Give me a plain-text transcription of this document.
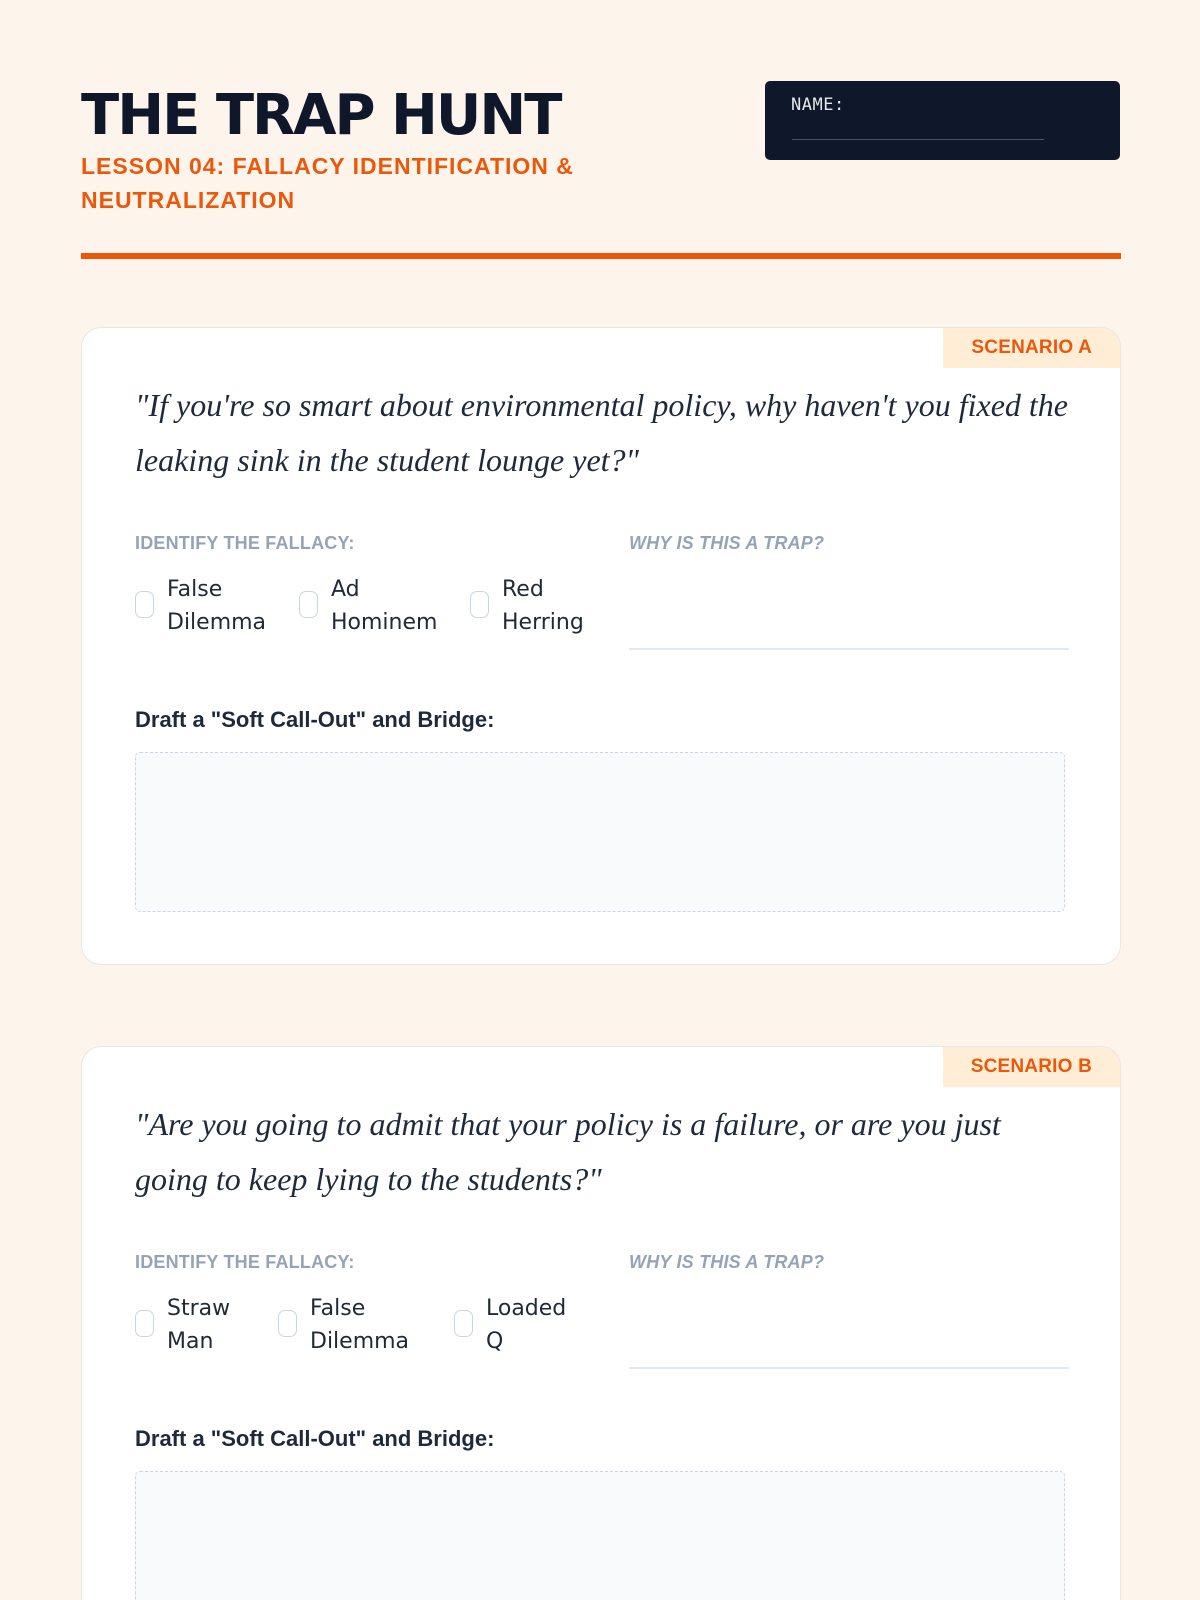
THE TRAP HUNT
LESSON 04: FALLACY IDENTIFICATION & NEUTRALIZATION
NAME:
SCENARIO A
"If you're so smart about environmental policy, why haven't you fixed the leaking sink in the student lounge yet?"
IDENTIFY THE FALLACY:
False Dilemma
Ad Hominem
Red Herring
WHY IS THIS A TRAP?
Draft a "Soft Call-Out" and Bridge:
SCENARIO B
"Are you going to admit that your policy is a failure, or are you just going to keep lying to the students?"
IDENTIFY THE FALLACY:
Straw Man
False Dilemma
Loaded Q
WHY IS THIS A TRAP?
Draft a "Soft Call-Out" and Bridge:
